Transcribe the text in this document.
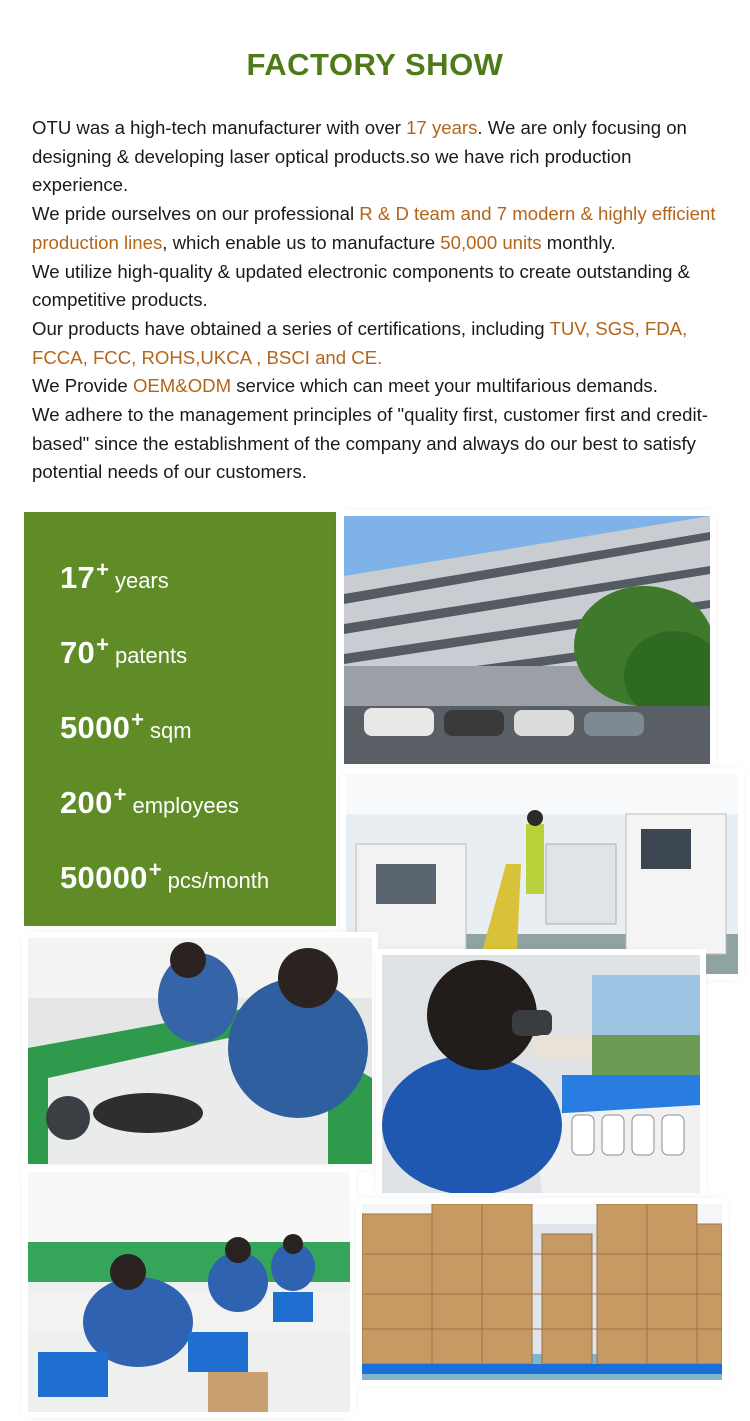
FACTORY SHOW
OTU was a high-tech manufacturer with over 17 years. We are only focusing on designing & developing laser optical products.so we have rich production experience.
We pride ourselves on our professional R & D team and 7 modern & highly efficient production lines, which enable us to manufacture 50,000 units monthly.
We utilize high-quality & updated electronic components to create outstanding & competitive products.
Our products have obtained a series of certifications, including TUV, SGS, FDA, FCCA, FCC, ROHS,UKCA , BSCI and CE.
We Provide OEM&ODM service which can meet your multifarious demands.
We adhere to the management principles of "quality first, customer first and credit-based" since the establishment of the company and always do our best to satisfy potential needs of our customers.
17+ years
70+ patents
5000+ sqm
200+ employees
50000+ pcs/month
